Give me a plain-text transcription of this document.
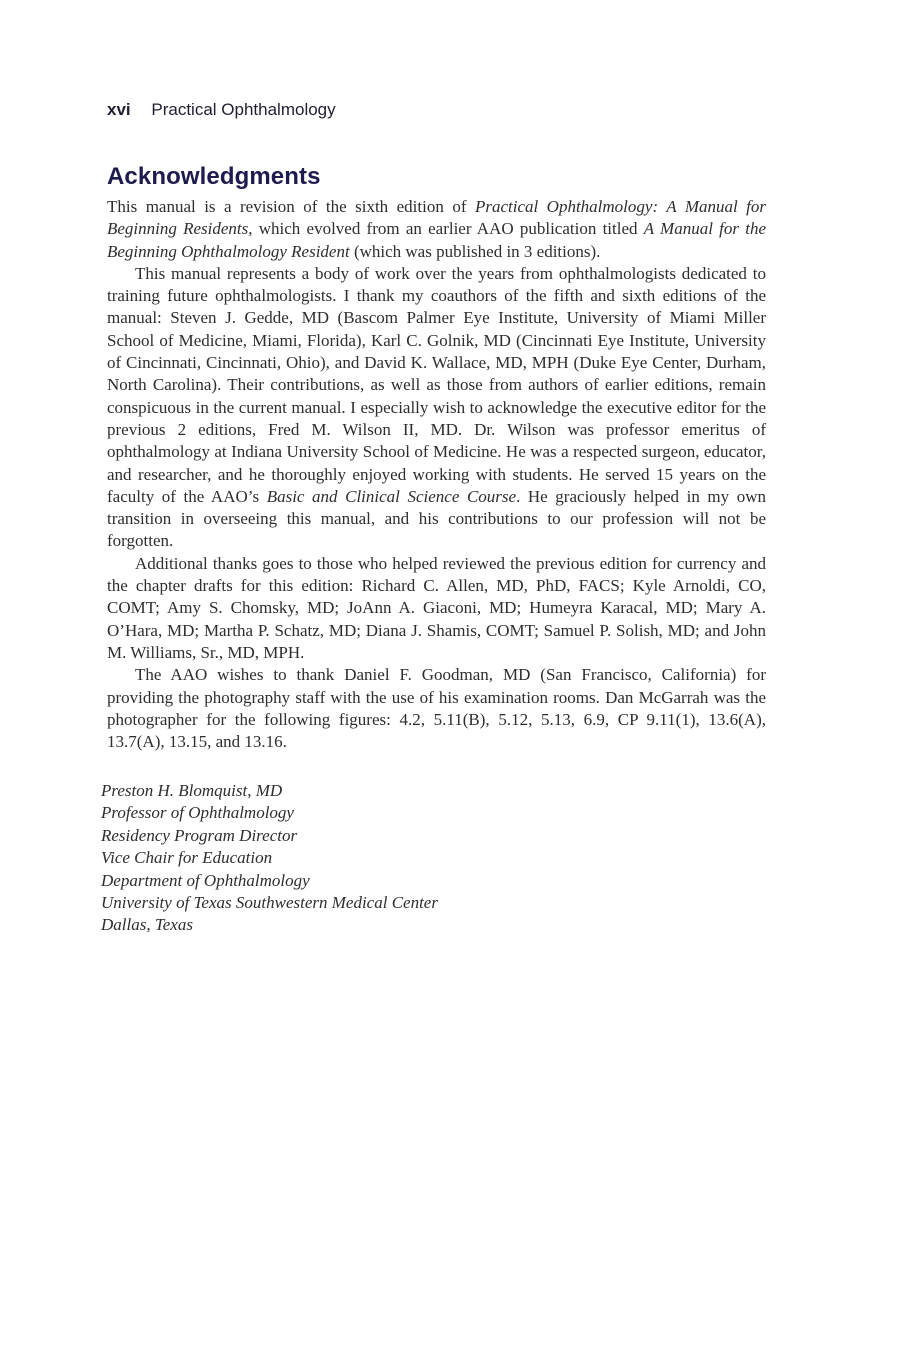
xvi Practical Ophthalmology
Acknowledgments

This manual is a revision of the sixth edition of Practical Ophthalmology: A Manual for Beginning Residents, which evolved from an earlier AAO publication titled A Manual for the Beginning Ophthalmology Resident (which was published in 3 editions).

This manual represents a body of work over the years from ophthalmologists dedicated to training future ophthalmologists. I thank my coauthors of the fifth and sixth editions of the manual: Steven J. Gedde, MD (Bascom Palmer Eye Institute, University of Miami Miller School of Medicine, Miami, Florida), Karl C. Golnik, MD (Cincinnati Eye Institute, University of Cincinnati, Cincinnati, Ohio), and David K. Wallace, MD, MPH (Duke Eye Center, Durham, North Carolina). Their contributions, as well as those from authors of earlier editions, remain conspicuous in the current manual. I especially wish to acknowledge the executive editor for the previous 2 editions, Fred M. Wilson II, MD. Dr. Wilson was professor emeritus of ophthalmology at Indiana University School of Medicine. He was a respected surgeon, educator, and researcher, and he thoroughly enjoyed working with students. He served 15 years on the faculty of the AAO’s Basic and Clinical Science Course. He graciously helped in my own transition in overseeing this manual, and his contributions to our profession will not be forgotten.

Additional thanks goes to those who helped reviewed the previous edition for currency and the chapter drafts for this edition: Richard C. Allen, MD, PhD, FACS; Kyle Arnoldi, CO, COMT; Amy S. Chomsky, MD; JoAnn A. Giaconi, MD; Humeyra Karacal, MD; Mary A. O’Hara, MD; Martha P. Schatz, MD; Diana J. Shamis, COMT; Samuel P. Solish, MD; and John M. Williams, Sr., MD, MPH.

The AAO wishes to thank Daniel F. Goodman, MD (San Francisco, California) for providing the photography staff with the use of his examination rooms. Dan McGarrah was the photographer for the following figures: 4.2, 5.11(B), 5.12, 5.13, 6.9, CP 9.11(1), 13.6(A), 13.7(A), 13.15, and 13.16.

Preston H. Blomquist, MD
Professor of Ophthalmology
Residency Program Director
Vice Chair for Education
Department of Ophthalmology
University of Texas Southwestern Medical Center
Dallas, Texas
